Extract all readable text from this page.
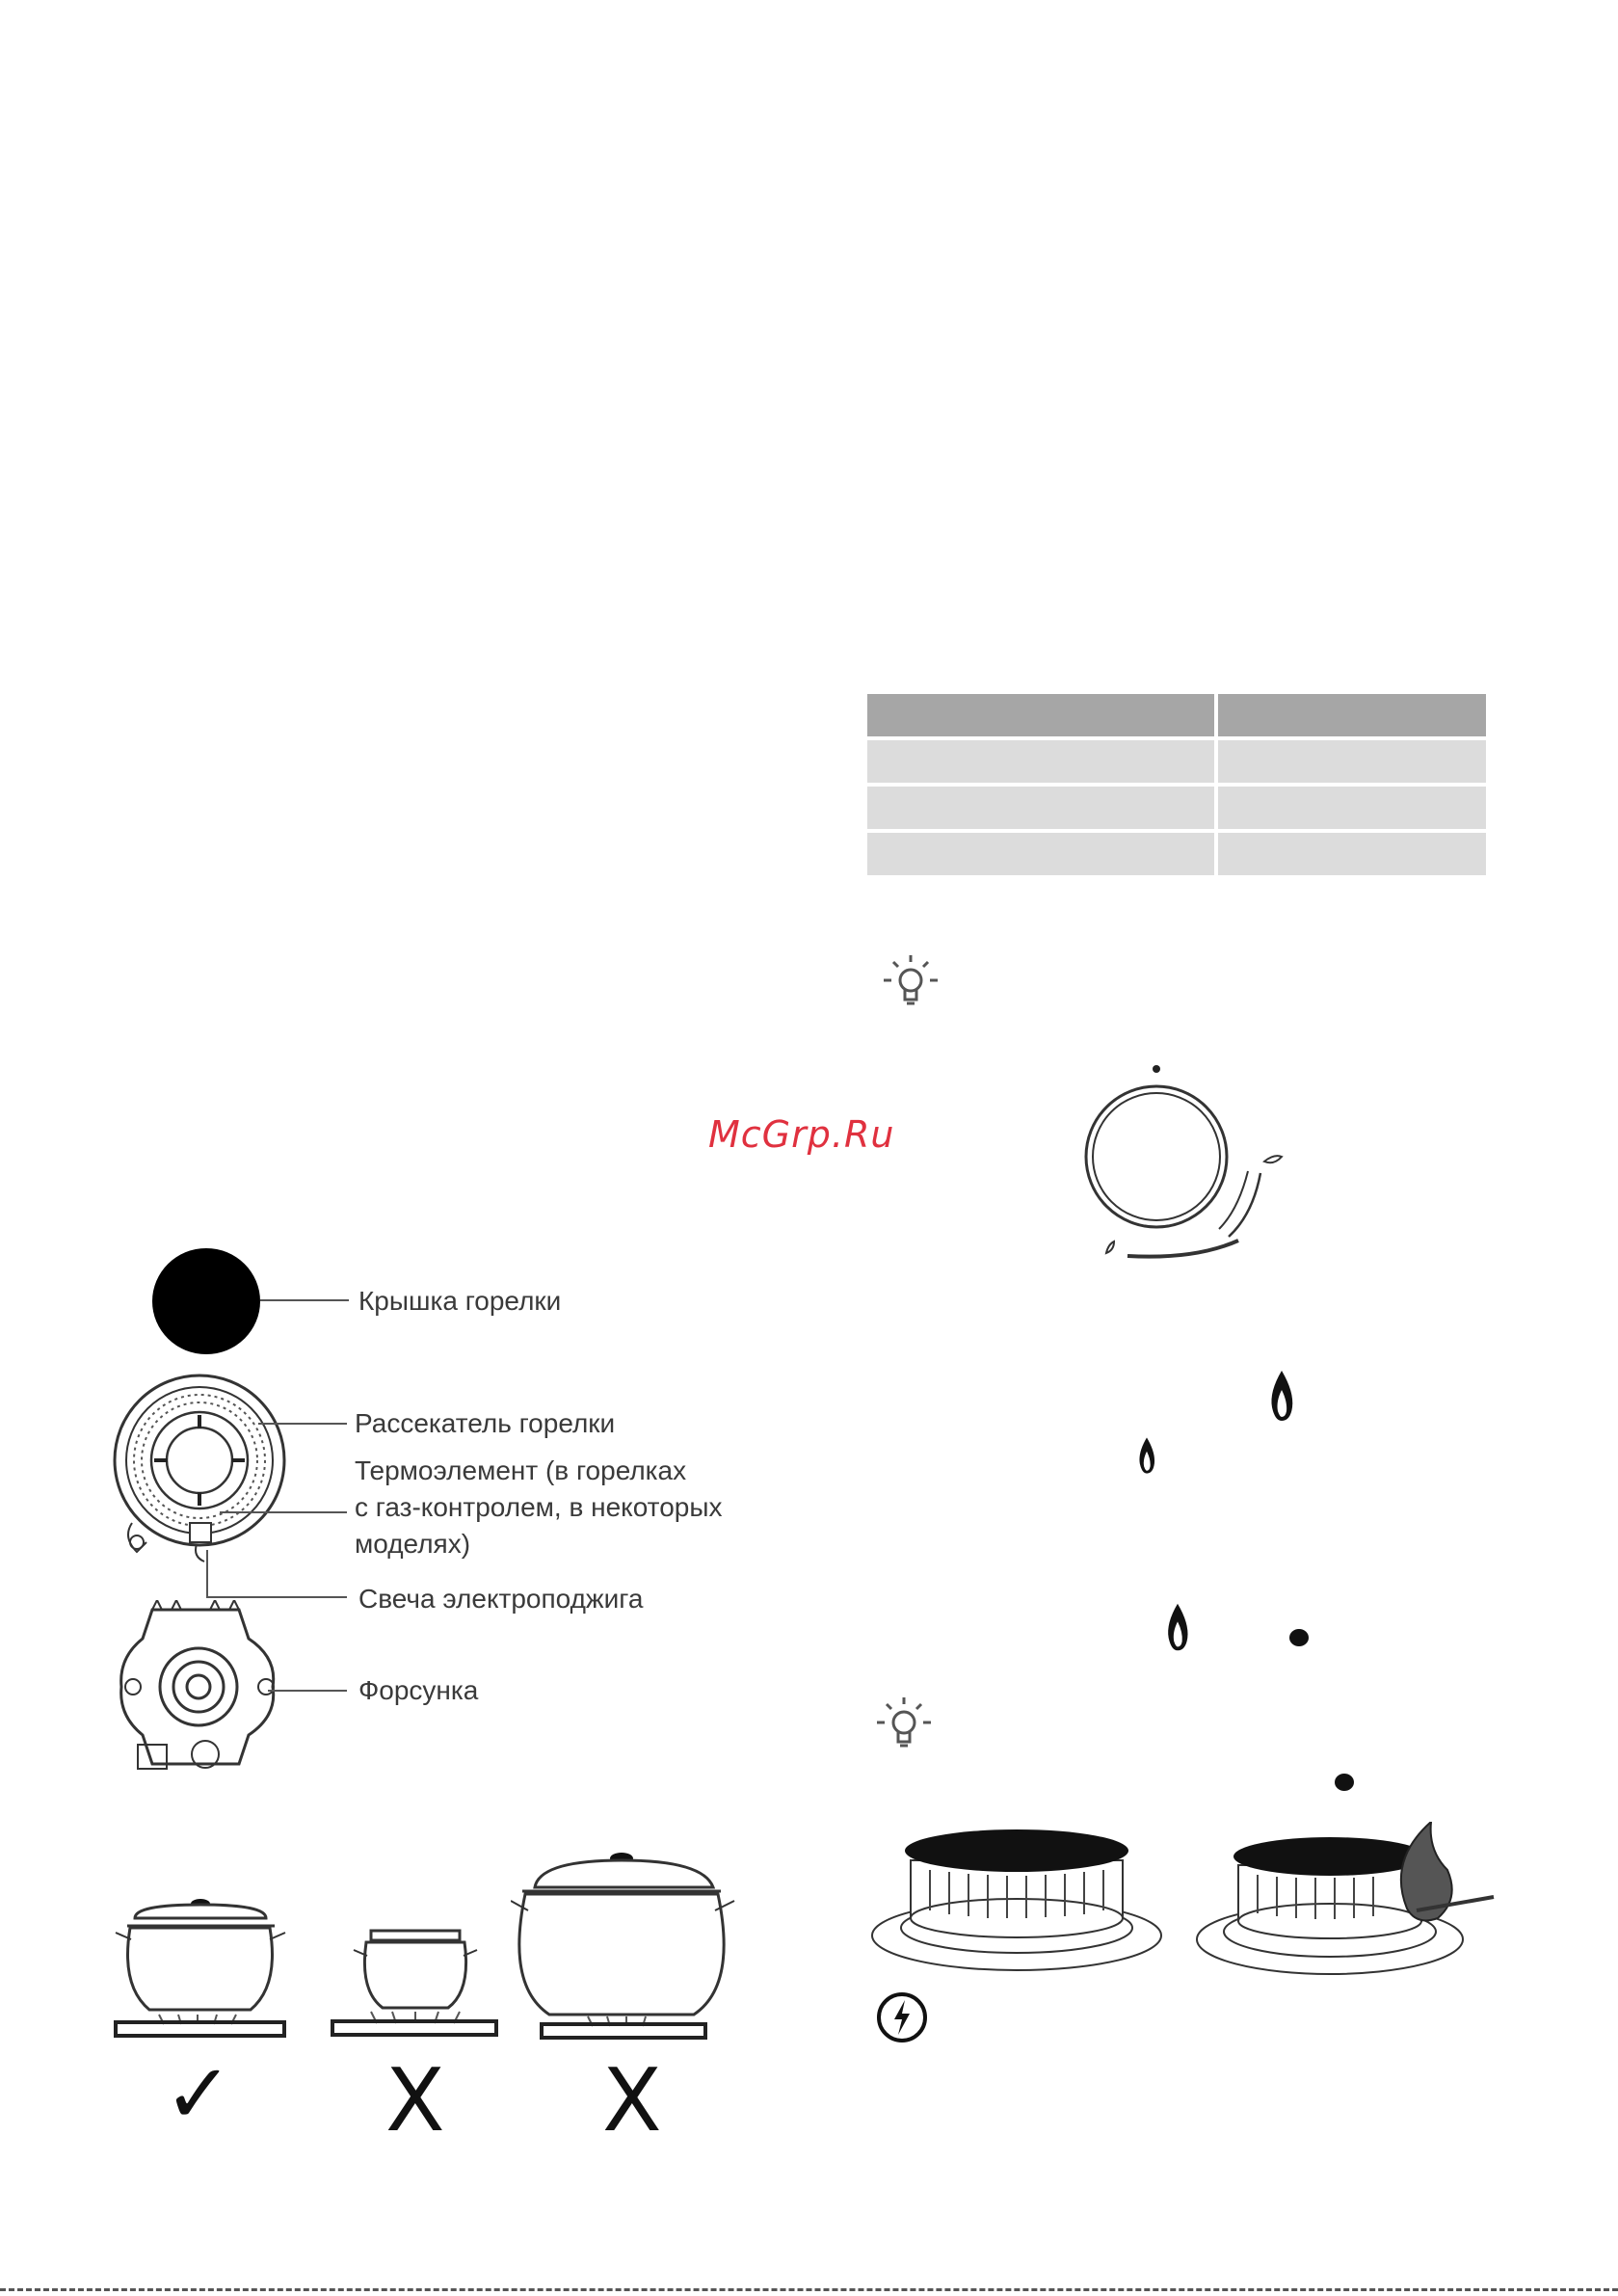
McGrp.Ru

Крышка горелки
Рассекатель горелки
Термоэлемент (в горелках
с газ-контролем, в некоторых
моделях)
Свеча электроподжига
Форсунка
✓ X X
